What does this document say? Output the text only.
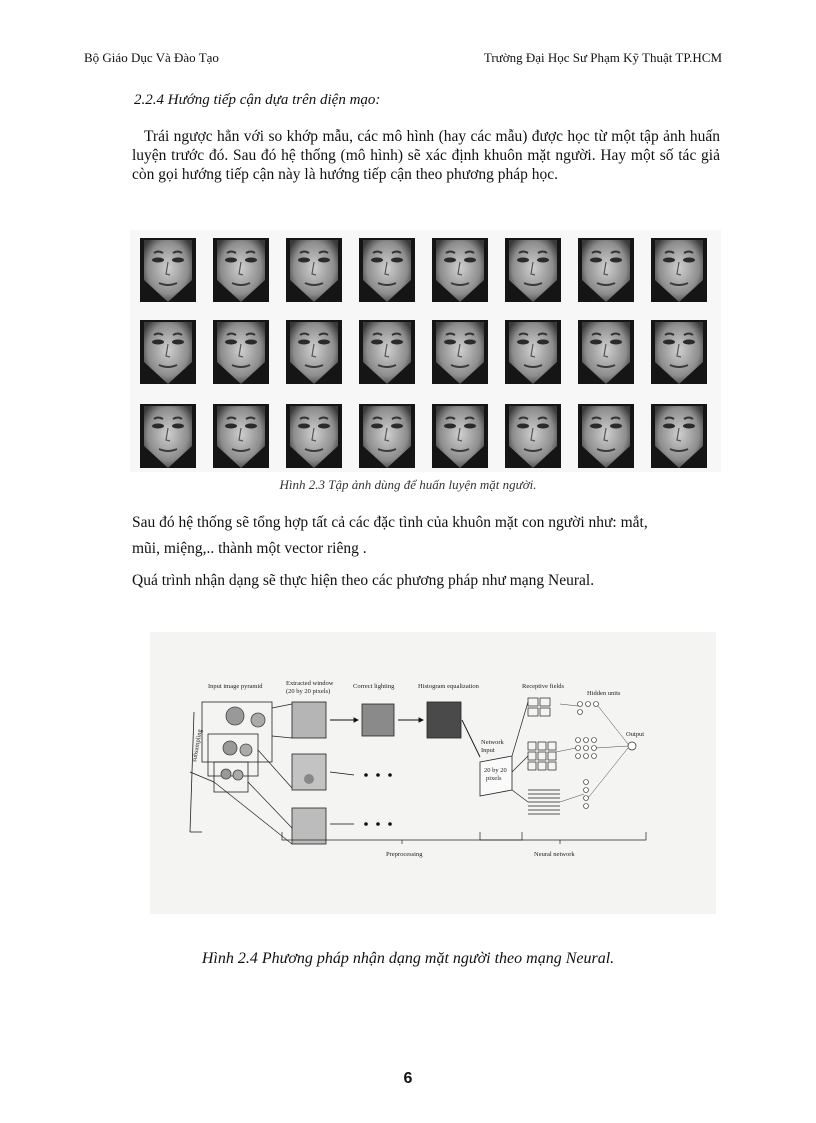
Bộ Giáo Dục Và Đào Tạo	Trường Đại Học Sư Phạm Kỹ Thuật TP.HCM
2.2.4 Hướng tiếp cận dựa trên diện mạo:
Trái ngược hẳn với so khớp mẫu, các mô hình (hay các mẫu) được học từ một tập ảnh huấn luyện trước đó. Sau đó hệ thống (mô hình) sẽ xác định khuôn mặt người. Hay một số tác giả còn gọi hướng tiếp cận này là hướng tiếp cận theo phương pháp học.
Hình 2.3 Tập ảnh dùng để huấn luyện mặt người.
Sau đó hệ thống sẽ tổng hợp tất cả các đặc tình của khuôn mặt con người như: mắt,
mũi, miệng,.. thành một vector riêng .
Quá trình nhận dạng sẽ thực hiện theo các phương pháp như mạng Neural.
Input image pyramid	Extracted window
(20 by 20 pixels)
Correct lighting	Histogram equalization	Receptive fields
Hidden units
subsampling	Network
Input
20 by 20
pixels
Output
Preprocessing	Neural network
Hình 2.4 Phương pháp nhận dạng mặt người theo mạng Neural.
6
